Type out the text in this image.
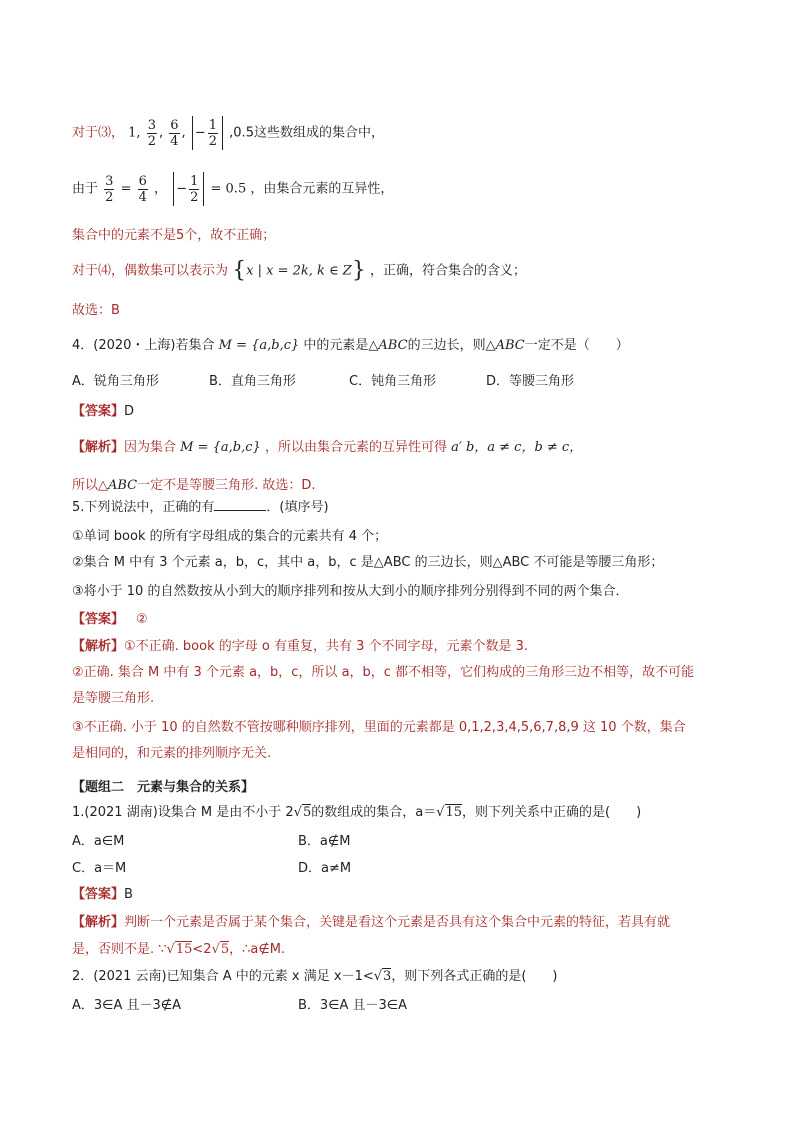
对于⑶， 1, $\frac{3}{2}$ , $\frac{6}{4}$ , − $\frac{1}{2} ,0.5$这些数组成的集合中，
由于 $\frac{3}{2} = \frac{6}{4}$ ， − $\frac{1}{2} = 0.5$ ，由集合元素的互异性，
集合中的元素不是5个，故不正确；
对于⑷，偶数集可以表示为 {x | x = 2k, k ∈ Z} ，正确，符合集合的含义；
故选：B
4．(2020・上海)若集合 M = {a,b,c} 中的元素是△ABC的三边长，则△ABC一定不是（　　）
A．锐角三角形	B．直角三角形	C．钝角三角形	D．等腰三角形
【答案】D
【解析】因为集合 M = {a,b,c} ，所以由集合元素的互异性可得 a′ b，a ≠ c，b ≠ c，
所以△ABC一定不是等腰三角形. 故选：D.
5.下列说法中，正确的有	．(填序号)
①单词 book 的所有字母组成的集合的元素共有 4 个；
②集合 M 中有 3 个元素 a，b，c，其中 a，b，c 是△ABC 的三边长，则△ABC 不可能是等腰三角形；
③将小于 10 的自然数按从小到大的顺序排列和按从大到小的顺序排列分别得到不同的两个集合．
【答案】 ②
【解析】①不正确. book 的字母 o 有重复，共有 3 个不同字母，元素个数是 3.
②正确. 集合 M 中有 3 个元素 a，b，c，所以 a，b，c 都不相等，它们构成的三角形三边不相等，故不可能
是等腰三角形.
③不正确. 小于 10 的自然数不管按哪种顺序排列，里面的元素都是 0,1,2,3,4,5,6,7,8,9 这 10 个数，集合
是相同的，和元素的排列顺序无关.
【题组二　元素与集合的关系】
1.(2021 湖南)设集合 M 是由不小于 2√5的数组成的集合，a＝√15，则下列关系中正确的是(　　)
A．a∈M	B．a∉M
C．a＝M	D．a≠M
【答案】B
【解析】判断一个元素是否属于某个集合，关键是看这个元素是否具有这个集合中元素的特征，若具有就
是，否则不是. ∵√15<2√5，∴a∉M.
2．(2021 云南)已知集合 A 中的元素 x 满足 x－1<√3，则下列各式正确的是(　　)
A．3∈A 且－3∉A	B．3∈A 且－3∈A
